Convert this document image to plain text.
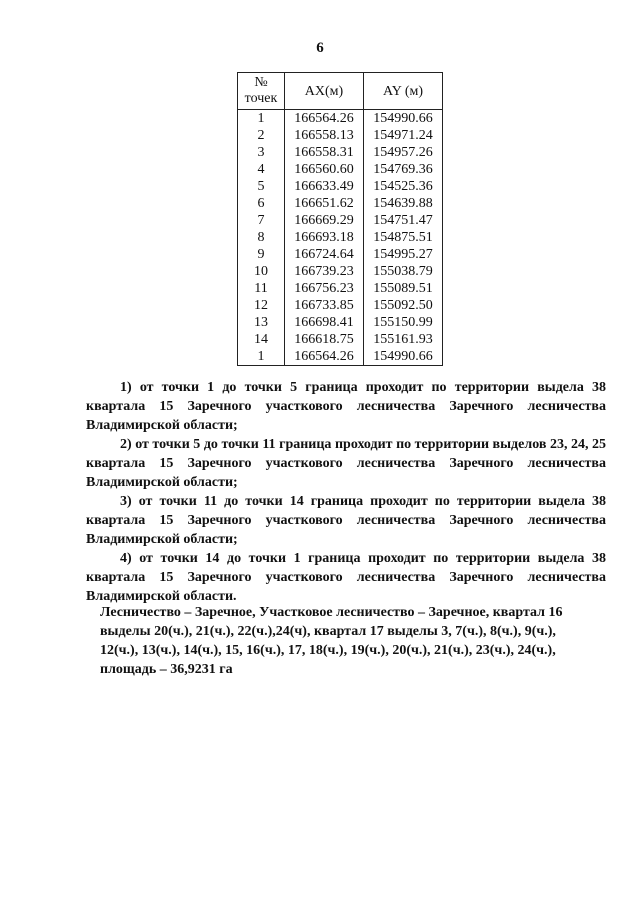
6
№
точек	AX(м)	AY (м)
1	166564.26	154990.66
2	166558.13	154971.24
3	166558.31	154957.26
4	166560.60	154769.36
5	166633.49	154525.36
6	166651.62	154639.88
7	166669.29	154751.47
8	166693.18	154875.51
9	166724.64	154995.27
10	166739.23	155038.79
11	166756.23	155089.51
12	166733.85	155092.50
13	166698.41	155150.99
14	166618.75	155161.93
1	166564.26	154990.66

1) от точки 1 до точки 5 граница проходит по территории выдела 38 квартала 15 Заречного участкового лесничества Заречного лесничества Владимирской области;

2) от точки 5 до точки 11 граница проходит по территории выделов 23, 24, 25 квартала 15 Заречного участкового лесничества Заречного лесничества Владимирской области;

3) от точки 11 до точки 14 граница проходит по территории выдела 38 квартала 15 Заречного участкового лесничества Заречного лесничества Владимирской области;

4) от точки 14 до точки 1 граница проходит по территории выдела 38 квартала 15 Заречного участкового лесничества Заречного лесничества Владимирской области.

Лесничество – Заречное, Участковое лесничество – Заречное, квартал 16
выделы 20(ч.), 21(ч.), 22(ч.),24(ч), квартал 17 выделы 3, 7(ч.), 8(ч.), 9(ч.),
12(ч.), 13(ч.), 14(ч.), 15, 16(ч.), 17, 18(ч.), 19(ч.), 20(ч.), 21(ч.), 23(ч.), 24(ч.),
площадь – 36,9231 га
